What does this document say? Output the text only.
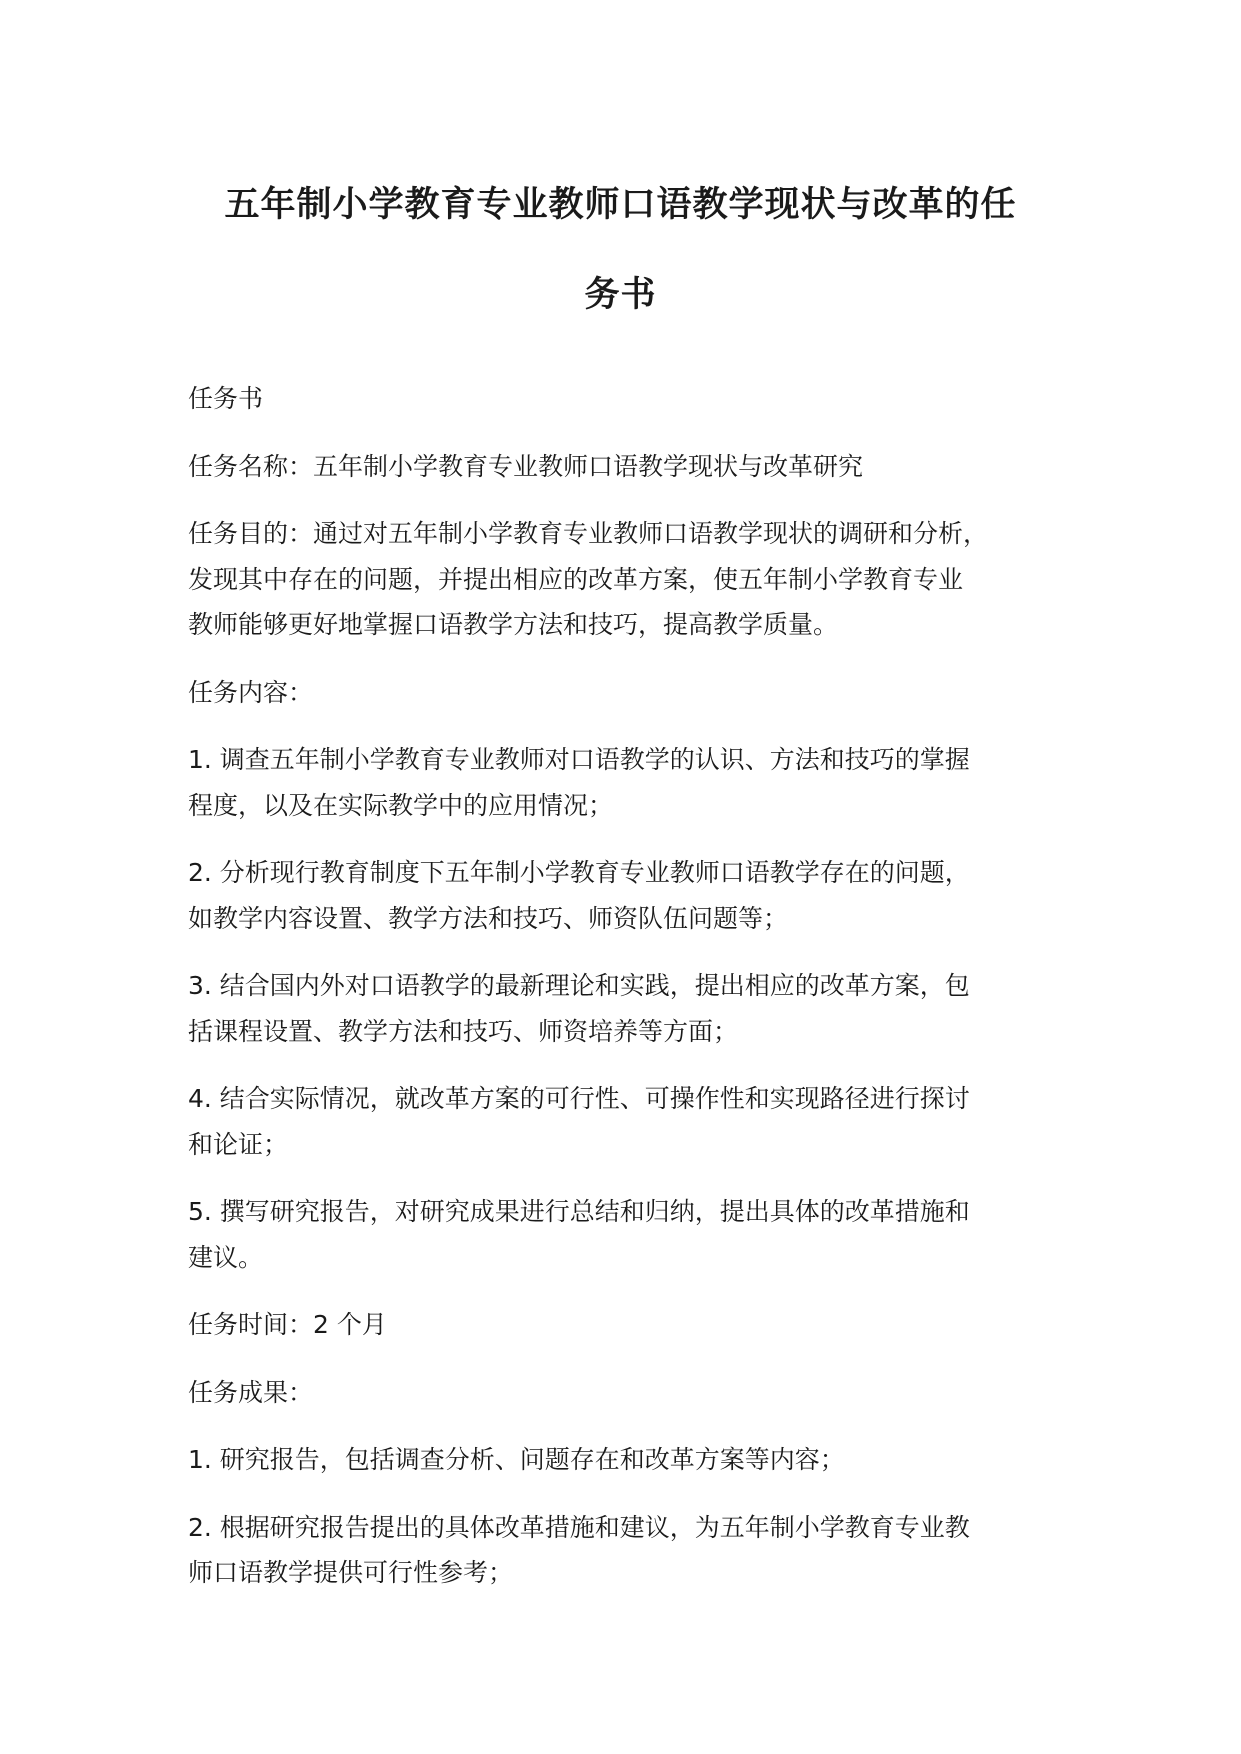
五年制小学教育专业教师口语教学现状与改革的任
务书

任务书

任务名称：五年制小学教育专业教师口语教学现状与改革研究

任务目的：通过对五年制小学教育专业教师口语教学现状的调研和分析，
发现其中存在的问题，并提出相应的改革方案，使五年制小学教育专业
教师能够更好地掌握口语教学方法和技巧，提高教学质量。

任务内容：

1. 调查五年制小学教育专业教师对口语教学的认识、方法和技巧的掌握
程度，以及在实际教学中的应用情况；

2. 分析现行教育制度下五年制小学教育专业教师口语教学存在的问题，
如教学内容设置、教学方法和技巧、师资队伍问题等；

3. 结合国内外对口语教学的最新理论和实践，提出相应的改革方案，包
括课程设置、教学方法和技巧、师资培养等方面；

4. 结合实际情况，就改革方案的可行性、可操作性和实现路径进行探讨
和论证；

5. 撰写研究报告，对研究成果进行总结和归纳，提出具体的改革措施和
建议。

任务时间：2 个月

任务成果：

1. 研究报告，包括调查分析、问题存在和改革方案等内容；

2. 根据研究报告提出的具体改革措施和建议，为五年制小学教育专业教
师口语教学提供可行性参考；
